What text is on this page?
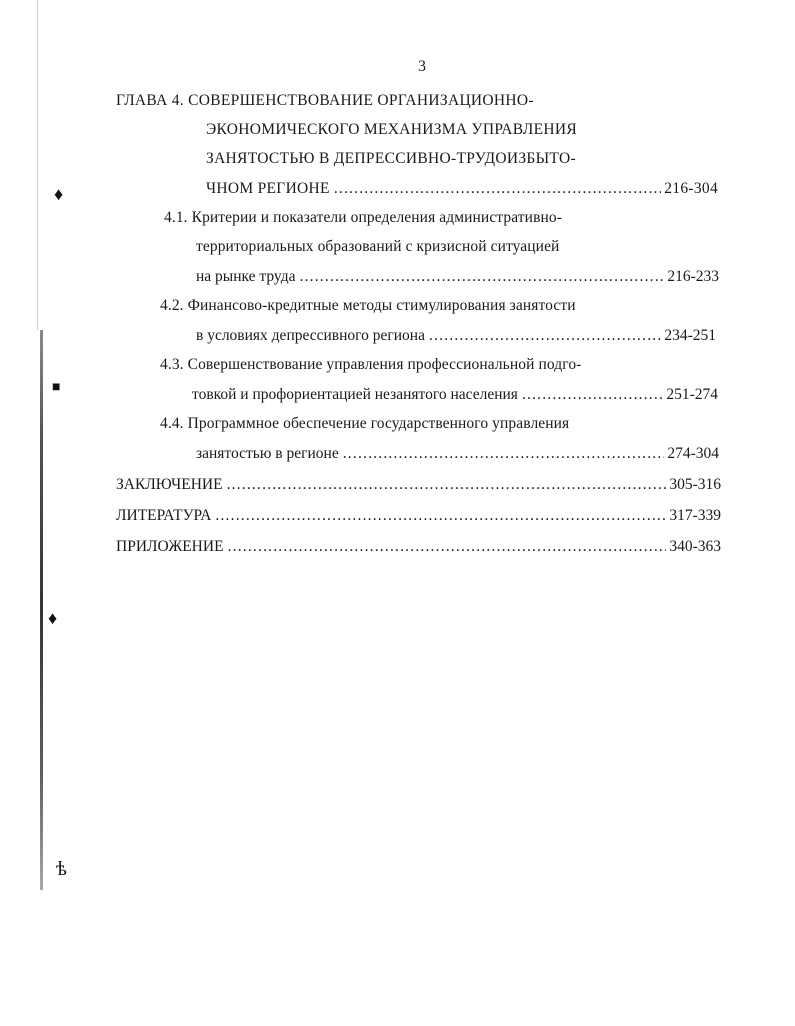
♦
■
♦
ѣ
3
ГЛАВА 4. СОВЕРШЕНСТВОВАНИЕ ОРГАНИЗАЦИОННО-
ЭКОНОМИЧЕСКОГО МЕХАНИЗМА УПРАВЛЕНИЯ
ЗАНЯТОСТЬЮ В ДЕПРЕССИВНО-ТРУДОИЗБЫТО-
ЧНОМ РЕГИОНЕ .....	216-304
4.1. Критерии и показатели определения административно-
территориальных образований с кризисной ситуацией
на рынке труда .....	216-233
4.2. Финансово-кредитные методы стимулирования занятости
в условиях депрессивного региона .....	234-251
4.3. Совершенствование управления профессиональной подго-
товкой и профориентацией незанятого населения .....	251-274
4.4. Программное обеспечение государственного управления
занятостью в регионе .....	274-304
ЗАКЛЮЧЕНИЕ .....	305-316
ЛИТЕРАТУРА .....	317-339
ПРИЛОЖЕНИЕ .....	340-363
